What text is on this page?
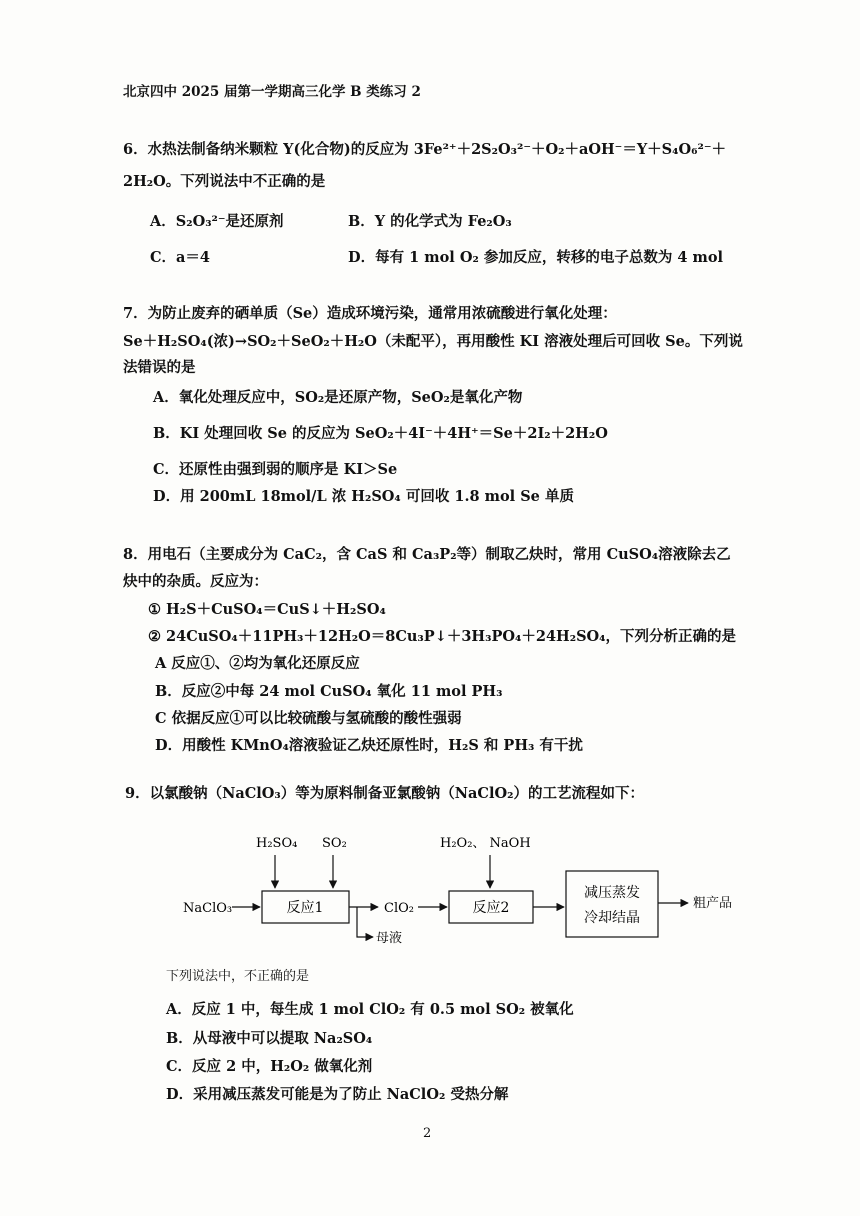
北京四中 2025 届第一学期高三化学 B 类练习 2
6．水热法制备纳米颗粒 Y(化合物)的反应为 3Fe²⁺＋2S₂O₃²⁻＋O₂＋aOH⁻＝Y＋S₄O₆²⁻＋
2H₂O。下列说法中不正确的是
A．S₂O₃²⁻是还原剂	B．Y 的化学式为 Fe₂O₃
C．a＝4	D．每有 1 mol O₂ 参加反应，转移的电子总数为 4 mol
7．为防止废弃的硒单质（Se）造成环境污染，通常用浓硫酸进行氧化处理：
Se＋H₂SO₄(浓)→SO₂＋SeO₂＋H₂O（未配平），再用酸性 KI 溶液处理后可回收 Se。下列说
法错误的是
A．氧化处理反应中，SO₂是还原产物，SeO₂是氧化产物
B．KI 处理回收 Se 的反应为 SeO₂＋4I⁻＋4H⁺＝Se＋2I₂＋2H₂O
C．还原性由强到弱的顺序是 KI＞Se
D．用 200mL 18mol/L 浓 H₂SO₄ 可回收 1.8 mol Se 单质
8．用电石（主要成分为 CaC₂，含 CaS 和 Ca₃P₂等）制取乙炔时，常用 CuSO₄溶液除去乙
炔中的杂质。反应为：
① H₂S＋CuSO₄＝CuS↓＋H₂SO₄
② 24CuSO₄＋11PH₃＋12H₂O＝8Cu₃P↓＋3H₃PO₄＋24H₂SO₄，下列分析正确的是
A 反应①、②均为氧化还原反应
B．反应②中每 24 mol CuSO₄ 氧化 11 mol PH₃
C 依据反应①可以比较硫酸与氢硫酸的酸性强弱
D．用酸性 KMnO₄溶液验证乙炔还原性时，H₂S 和 PH₃ 有干扰
9．以氯酸钠（NaClO₃）等为原料制备亚氯酸钠（NaClO₂）的工艺流程如下：
H₂SO₄ SO₂	H₂O₂、 NaOH
NaClO₃	反应1	ClO₂
母液
反应2
减压蒸发
冷却结晶
粗产品
下列说法中，不正确的是
A．反应 1 中，每生成 1 mol ClO₂ 有 0.5 mol SO₂ 被氧化
B．从母液中可以提取 Na₂SO₄
C．反应 2 中，H₂O₂ 做氧化剂
D．采用减压蒸发可能是为了防止 NaClO₂ 受热分解
2
